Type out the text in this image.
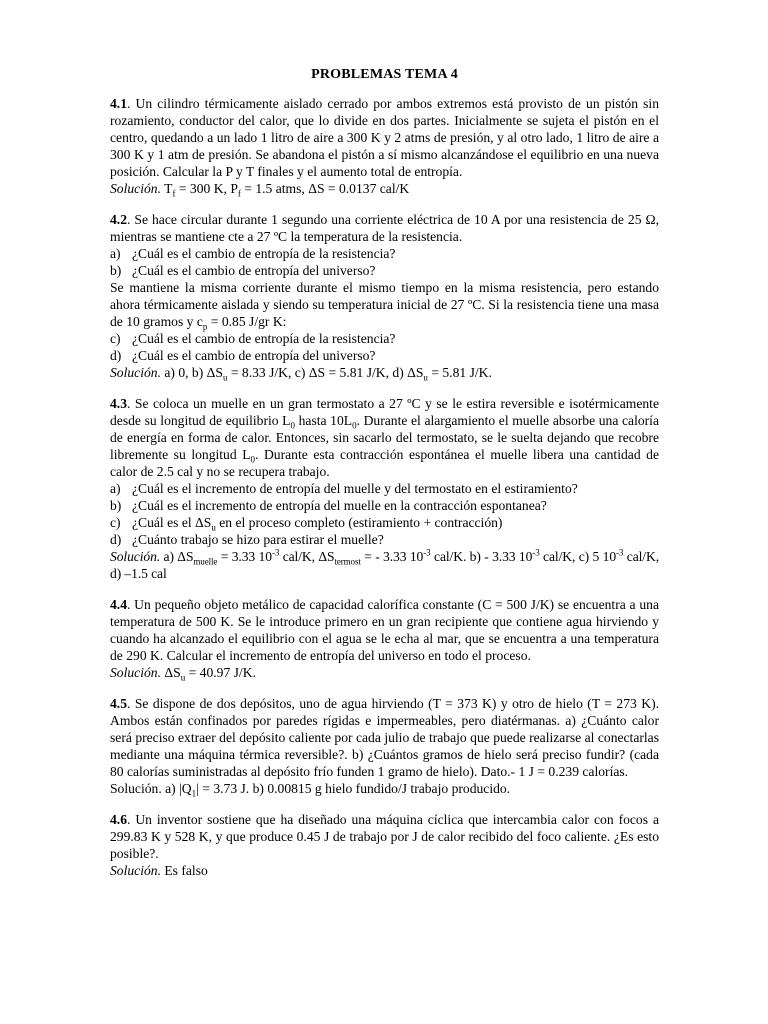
PROBLEMAS TEMA 4

4.1. Un cilindro térmicamente aislado cerrado por ambos extremos está provisto de un pistón sin rozamiento, conductor del calor, que lo divide en dos partes. Inicialmente se sujeta el pistón en el centro, quedando a un lado 1 litro de aire a 300 K y 2 atms de presión, y al otro lado, 1 litro de aire a 300 K y 1 atm de presión. Se abandona el pistón a sí mismo alcanzándose el equilibrio en una nueva posición. Calcular la P y T finales y el aumento total de entropía.

Solución. $T_f = 300$ K, $P_f = 1.5$ atms, ΔS = 0.0137 cal/K

4.2. Se hace circular durante 1 segundo una corriente eléctrica de 10 A por una resistencia de 25 Ω, mientras se mantiene cte a 27 ºC la temperatura de la resistencia.

a) ¿Cuál es el cambio de entropía de la resistencia?
b) ¿Cuál es el cambio de entropía del universo?

Se mantiene la misma corriente durante el mismo tiempo en la misma resistencia, pero estando ahora térmicamente aislada y siendo su temperatura inicial de 27 ºC. Si la resistencia tiene una masa de 10 gramos y $c_p = 0.85$ J/gr K:

c) ¿Cuál es el cambio de entropía de la resistencia?
d) ¿Cuál es el cambio de entropía del universo?

Solución. a) 0, b) $\Delta S_u = 8.33$ J/K, c) ΔS = 5.81 J/K, d) $\Delta S_u = 5.81$ J/K.

4.3. Se coloca un muelle en un gran termostato a 27 ºC y se le estira reversible e isotérmicamente desde su longitud de equilibrio $L_0$ hasta $10L_0$. Durante el alargamiento el muelle absorbe una caloría de energía en forma de calor. Entonces, sin sacarlo del termostato, se le suelta dejando que recobre libremente su longitud $L_0$. Durante esta contracción espontánea el muelle libera una cantidad de calor de 2.5 cal y no se recupera trabajo.

a) ¿Cuál es el incremento de entropía del muelle y del termostato en el estiramiento?
b) ¿Cuál es el incremento de entropía del muelle en la contracción espontanea?
c) ¿Cuál es el $\Delta S_u$ en el proceso completo (estiramiento + contracción)
d) ¿Cuánto trabajo se hizo para estirar el muelle?

Solución. a) $\Delta S_{muelle} = 3.33$ $10^{-3}$ cal/K, $\Delta S_{termost}$ = - 3.33 $10^{-3}$ cal/K. b) - 3.33 $10^{-3}$ cal/K, c) 5 $10^{-3}$ cal/K, d) –1.5 cal

4.4. Un pequeño objeto metálico de capacidad calorífica constante (C = 500 J/K) se encuentra a una temperatura de 500 K. Se le introduce primero en un gran recipiente que contiene agua hirviendo y cuando ha alcanzado el equilibrio con el agua se le echa al mar, que se encuentra a una temperatura de 290 K. Calcular el incremento de entropía del universo en todo el proceso.

Solución. $\Delta S_u = 40.97$ J/K.

4.5. Se dispone de dos depósitos, uno de agua hirviendo (T = 373 K) y otro de hielo (T = 273 K). Ambos están confinados por paredes rígidas e impermeables, pero diatérmanas. a) ¿Cuánto calor será preciso extraer del depósito caliente por cada julio de trabajo que puede realizarse al conectarlas mediante una máquina térmica reversible?. b) ¿Cuántos gramos de hielo será preciso fundir? (cada 80 calorías suministradas al depósito frío funden 1 gramo de hielo). Dato.- 1 J = 0.239 calorías.

Solución. a) $|Q_1| = 3.73$ J. b) 0.00815 g hielo fundido/J trabajo producido.

4.6. Un inventor sostiene que ha diseñado una máquina cíclica que intercambia calor con focos a 299.83 K y 528 K, y que produce 0.45 J de trabajo por J de calor recibido del foco caliente. ¿Es esto posible?.

Solución. Es falso
